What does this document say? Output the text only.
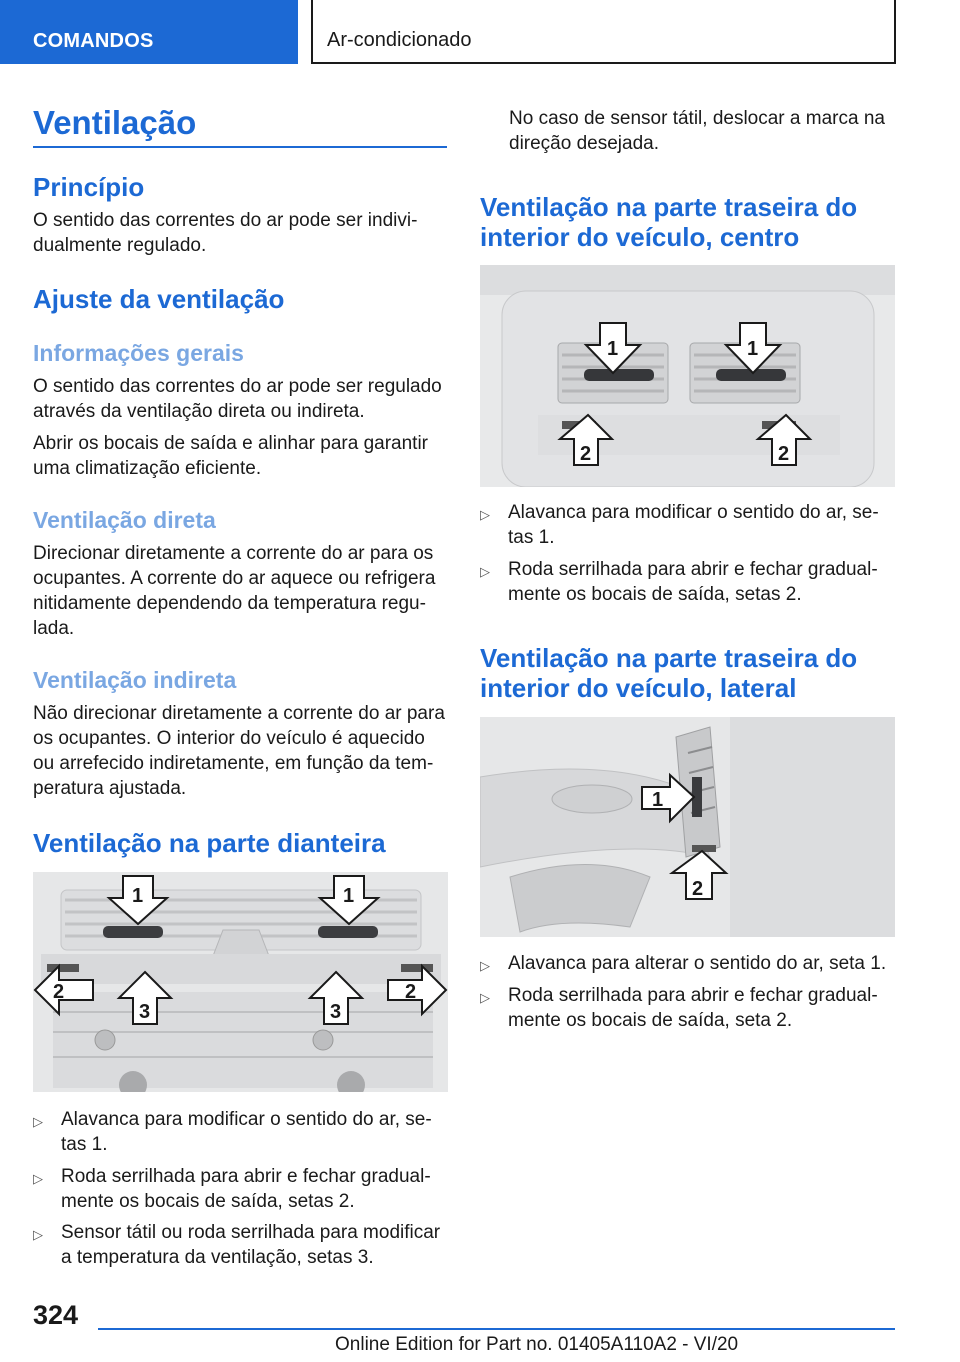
COMANDOS	Ar-condicionado
Ventilação
Princípio
O sentido das correntes do ar pode ser indivi-
dualmente regulado.
Ajuste da ventilação
Informações gerais
O sentido das correntes do ar pode ser regulado
através da ventilação direta ou indireta.
Abrir os bocais de saída e alinhar para garantir
uma climatização eficiente.
Ventilação direta
Direcionar diretamente a corrente do ar para os
ocupantes. A corrente do ar aquece ou refrigera
nitidamente dependendo da temperatura regu-
lada.
Ventilação indireta
Não direcionar diretamente a corrente do ar para
os ocupantes. O interior do veículo é aquecido
ou arrefecido indiretamente, em função da tem-
peratura ajustada.
Ventilação na parte dianteira
1	1
2	2
3	3
▷ Alavanca para modificar o sentido do ar, se-
tas 1.
▷ Roda serrilhada para abrir e fechar gradual-
mente os bocais de saída, setas 2.
▷ Sensor tátil ou roda serrilhada para modificar
a temperatura da ventilação, setas 3.
No caso de sensor tátil, deslocar a marca na
direção desejada.
Ventilação na parte traseira do
interior do veículo, centro
1	1
2	2
▷ Alavanca para modificar o sentido do ar, se-
tas 1.
▷ Roda serrilhada para abrir e fechar gradual-
mente os bocais de saída, setas 2.
Ventilação na parte traseira do
interior do veículo, lateral
1
2
▷ Alavanca para alterar o sentido do ar, seta 1.
▷ Roda serrilhada para abrir e fechar gradual-
mente os bocais de saída, seta 2.
324
Online Edition for Part no. 01405A110A2 - VI/20
